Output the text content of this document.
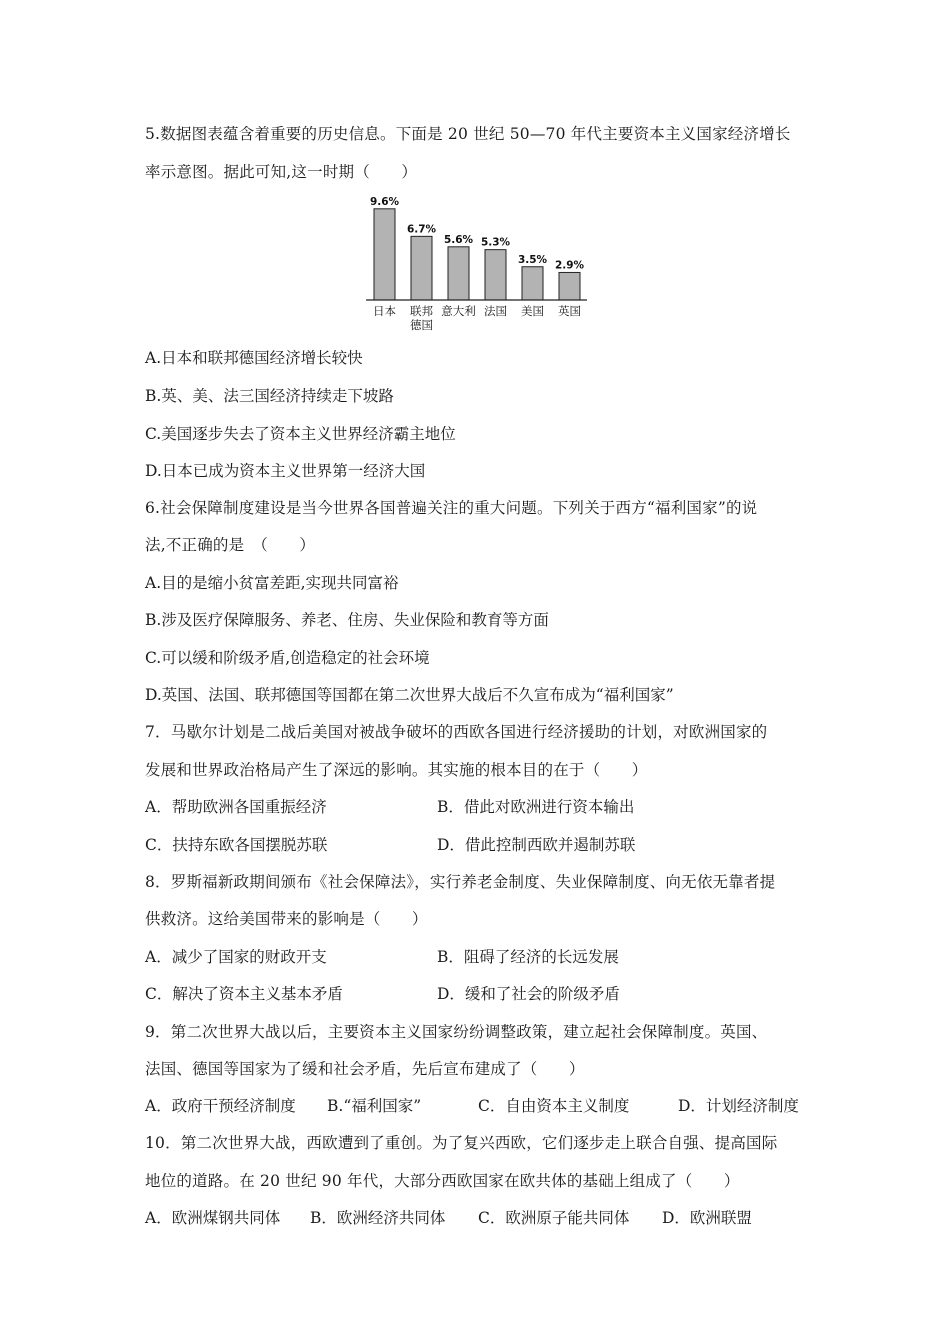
5.数据图表蕴含着重要的历史信息。下面是 20 世纪 50—70 年代主要资本主义国家经济增长
率示意图。据此可知,这一时期（　　）
9.6%
日本
6.7%
联邦
德国
5.6%
意大利
5.3%
法国
3.5%
美国
2.9%
英国
A.日本和联邦德国经济增长较快
B.英、美、法三国经济持续走下坡路
C.美国逐步失去了资本主义世界经济霸主地位
D.日本已成为资本主义世界第一经济大国
6.社会保障制度建设是当今世界各国普遍关注的重大问题。下列关于西方“福利国家”的说
法,不正确的是　（　　）
A.目的是缩小贫富差距,实现共同富裕
B.涉及医疗保障服务、养老、住房、失业保险和教育等方面
C.可以缓和阶级矛盾,创造稳定的社会环境
D.英国、法国、联邦德国等国都在第二次世界大战后不久宣布成为“福利国家”
7．马歇尔计划是二战后美国对被战争破坏的西欧各国进行经济援助的计划，对欧洲国家的
发展和世界政治格局产生了深远的影响。其实施的根本目的在于（　　）
A．帮助欧洲各国重振经济	B．借此对欧洲进行资本输出
C．扶持东欧各国摆脱苏联	D．借此控制西欧并遏制苏联
8．罗斯福新政期间颁布《社会保障法》，实行养老金制度、失业保障制度、向无依无靠者提
供救济。这给美国带来的影响是（　　）
A．减少了国家的财政开支	B．阻碍了经济的长远发展
C．解决了资本主义基本矛盾	D．缓和了社会的阶级矛盾
9．第二次世界大战以后，主要资本主义国家纷纷调整政策，建立起社会保障制度。英国、
法国、德国等国家为了缓和社会矛盾，先后宣布建成了（　　）
A．政府干预经济制度 B.“福利国家”	C．自由资本主义制度	D．计划经济制度
10．第二次世界大战，西欧遭到了重创。为了复兴西欧，它们逐步走上联合自强、提高国际
地位的道路。在 20 世纪 90 年代，大部分西欧国家在欧共体的基础上组成了（　　）
A．欧洲煤钢共同体 B．欧洲经济共同体 C．欧洲原子能共同体 D．欧洲联盟
